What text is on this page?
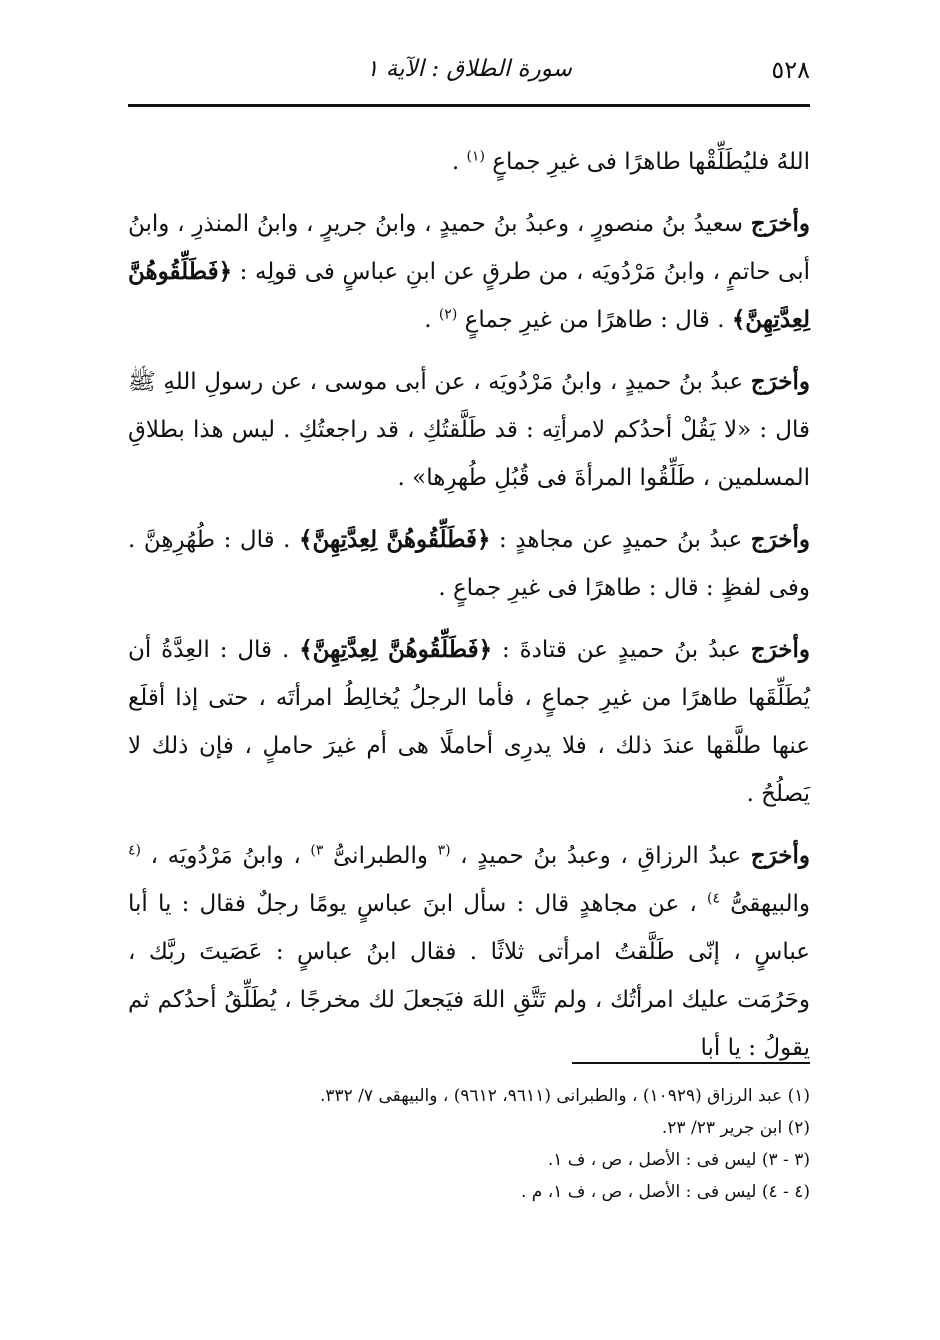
٥٢٨
سورة الطلاق : الآية ١

اللهُ فليُطَلِّقْها طاهرًا فى غيرِ جماعٍ $^{(١)}$ .

وأخرَج سعيدُ بنُ منصورٍ ، وعبدُ بنُ حميدٍ ، وابنُ جريرٍ ، وابنُ المنذرِ ، وابنُ أبى حاتمٍ ، وابنُ مَرْدُويَه ، من طرقٍ عن ابنِ عباسٍ فى قولِه : ﴿فَطَلِّقُوهُنَّ لِعِدَّتِهِنَّ﴾ . قال : طاهرًا من غيرِ جماعٍ $^{(٢)}$ .

وأخرَج عبدُ بنُ حميدٍ ، وابنُ مَرْدُويَه ، عن أبى موسى ، عن رسولِ اللهِ ﷺ قال : «لا يَقُلْ أحدُكم لامرأتِه : قد طَلَّقتُكِ ، قد راجعتُكِ . ليس هذا بطلاقِ المسلمين ، طَلِّقُوا المرأةَ فى قُبُلِ طُهرِها» .

وأخرَج عبدُ بنُ حميدٍ عن مجاهدٍ : ﴿فَطَلِّقُوهُنَّ لِعِدَّتِهِنَّ﴾ . قال : طُهُرِهِنَّ . وفى لفظٍ : قال : طاهرًا فى غيرِ جماعٍ .

وأخرَج عبدُ بنُ حميدٍ عن قتادةَ : ﴿فَطَلِّقُوهُنَّ لِعِدَّتِهِنَّ﴾ . قال : العِدَّةُ أن يُطَلِّقَها طاهرًا من غيرِ جماعٍ ، فأما الرجلُ يُخالِطُ امرأتَه ، حتى إذا أقلَع عنها طلَّقها عندَ ذلك ، فلا يدرِى أحاملًا هى أم غيرَ حاملٍ ، فإن ذلك لا يَصلُحُ .

وأخرَج عبدُ الرزاقِ ، وعبدُ بنُ حميدٍ ، $^{(٣}$ والطبرانىُّ $^{٣)}$ ، وابنُ مَرْدُويَه ، $^{(٤}$ والبيهقىُّ $^{٤)}$ ، عن مجاهدٍ قال : سأل ابنَ عباسٍ يومًا رجلٌ فقال : يا أبا عباسٍ ، إنّى طَلَّقتُ امرأتى ثلاثًا . فقال ابنُ عباسٍ : عَصَيتَ ربَّك ، وحَرُمَت عليك امرأتُك ، ولم تَتَّقِ اللهَ فيَجعلَ لك مخرجًا ، يُطَلِّقُ أحدُكم ثم يقولُ : يا أبا

(١) عبد الرزاق (١٠٩٢٩) ، والطبرانى (٩٦١١، ٩٦١٢) ، والبيهقى ٧/ ٣٣٢.

(٢) ابن جرير ٢٣/ ٢٣.

(٣ - ٣) ليس فى : الأصل ، ص ، ف ١.

(٤ - ٤) ليس فى : الأصل ، ص ، ف ١، م .
